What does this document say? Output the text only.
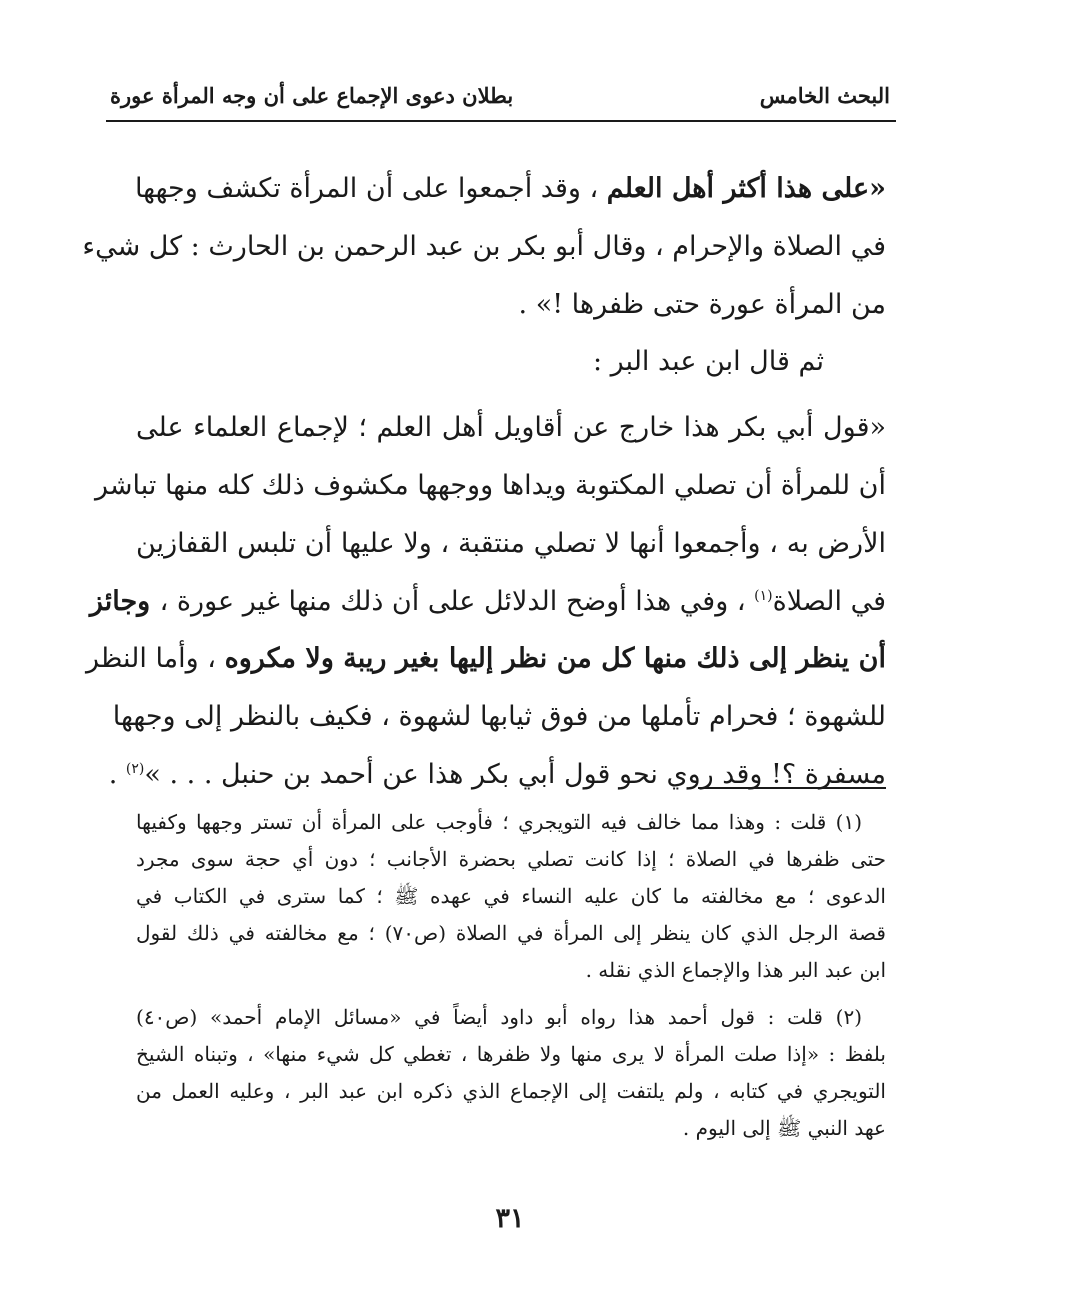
البحث الخامس
بطلان دعوى الإجماع على أن وجه المرأة عورة
«على هذا أكثر أهل العلم ، وقد أجمعوا على أن المرأة تكشف وجهها
في الصلاة والإحرام ، وقال أبو بكر بن عبد الرحمن بن الحارث : كل شيء
من المرأة عورة حتى ظفرها !» .
ثم قال ابن عبد البر :
«قول أبي بكر هذا خارج عن أقاويل أهل العلم ؛ لإجماع العلماء على
أن للمرأة أن تصلي المكتوبة ويداها ووجهها مكشوف ذلك كله منها تباشر
الأرض به ، وأجمعوا أنها لا تصلي منتقبة ، ولا عليها أن تلبس القفازين
في الصلاة$^{(١)}$ ، وفي هذا أوضح الدلائل على أن ذلك منها غير عورة ، وجائز
أن ينظر إلى ذلك منها كل من نظر إليها بغير ريبة ولا مكروه ، وأما النظر
للشهوة ؛ فحرام تأملها من فوق ثيابها لشهوة ، فكيف بالنظر إلى وجهها
مسفرة ؟! وقد روي نحو قول أبي بكر هذا عن أحمد بن حنبل . . . »$^{(٢)}$ .
(١) قلت : وهذا مما خالف فيه التويجري ؛ فأوجب على المرأة أن تستر وجهها وكفيها
حتى ظفرها في الصلاة ؛ إذا كانت تصلي بحضرة الأجانب ؛ دون أي حجة سوى مجرد
الدعوى ؛ مع مخالفته ما كان عليه النساء في عهده ﷺ ؛ كما سترى في الكتاب في
قصة الرجل الذي كان ينظر إلى المرأة في الصلاة (ص٧٠) ؛ مع مخالفته في ذلك لقول
ابن عبد البر هذا والإجماع الذي نقله .
(٢) قلت : قول أحمد هذا رواه أبو داود أيضاً في «مسائل الإمام أحمد» (ص٤٠)
بلفظ : «إذا صلت المرأة لا يرى منها ولا ظفرها ، تغطي كل شيء منها» ، وتبناه الشيخ
التويجري في كتابه ، ولم يلتفت إلى الإجماع الذي ذكره ابن عبد البر ، وعليه العمل من
عهد النبي ﷺ إلى اليوم .
٣١
